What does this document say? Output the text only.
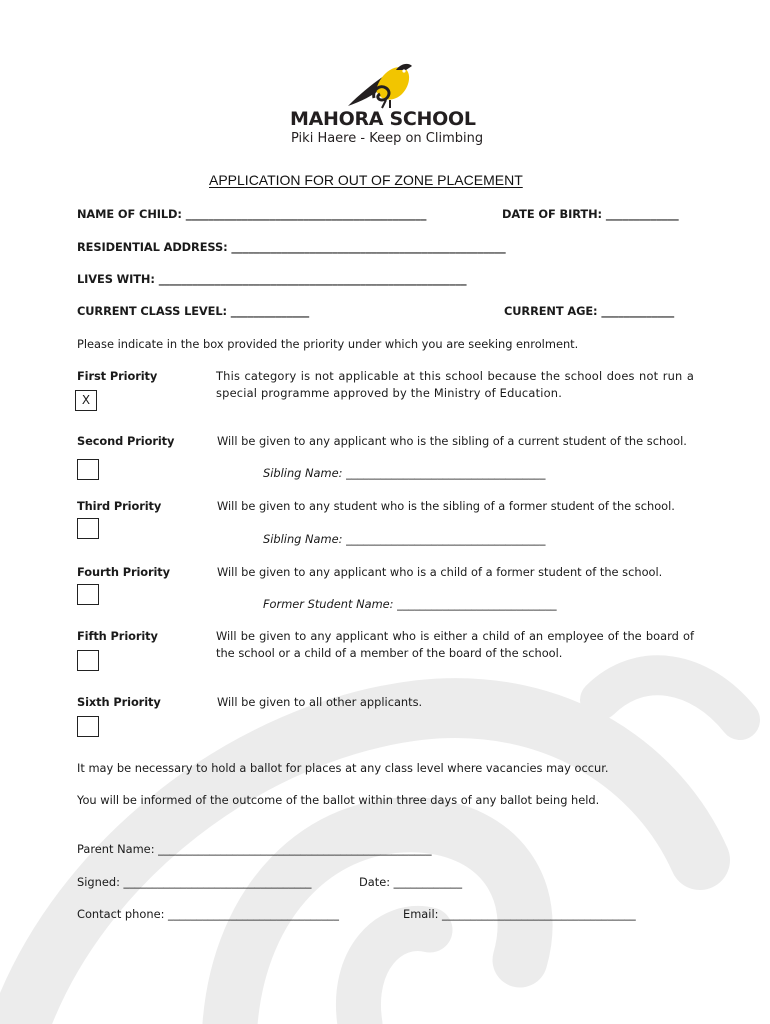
MAHORA SCHOOL
Piki Haere - Keep on Climbing
APPLICATION FOR OUT OF ZONE PLACEMENT
NAME OF CHILD: ___________________________________________	DATE OF BIRTH: _____________
RESIDENTIAL ADDRESS: _________________________________________________
LIVES WITH: _______________________________________________________
CURRENT CLASS LEVEL: ______________	CURRENT AGE: _____________
Please indicate in the box provided the priority under which you are seeking enrolment.
First Priority	This category is not applicable at this school because the school does not run a special programme approved by the Ministry of Education.
X
Second Priority	Will be given to any applicant who is the sibling of a current student of the school.
Sibling Name: ___________________________________
Third Priority	Will be given to any student who is the sibling of a former student of the school.
Sibling Name: ___________________________________
Fourth Priority	Will be given to any applicant who is a child of a former student of the school.
Former Student Name: ____________________________
Fifth Priority	Will be given to any applicant who is either a child of an employee of the board of the school or a child of a member of the board of the school.
Sixth Priority	Will be given to all other applicants.
It may be necessary to hold a ballot for places at any class level where vacancies may occur.
You will be informed of the outcome of the ballot within three days of any ballot being held.
Parent Name: ________________________________________________
Signed: _________________________________	Date: ____________
Contact phone: ______________________________	Email: __________________________________
